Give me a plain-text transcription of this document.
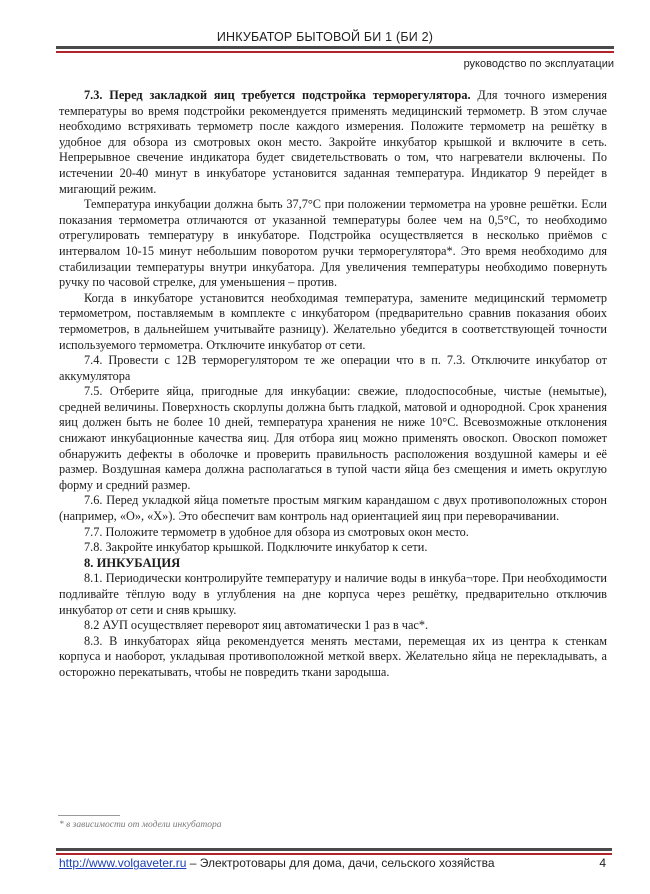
ИНКУБАТОР БЫТОВОЙ БИ 1 (БИ 2)
руководство по эксплуатации

7.3. Перед закладкой яиц требуется подстройка терморегулятора. Для точного измерения температуры во время подстройки рекомендуется применять медицинский термометр. В этом случае необходимо встряхивать термометр после каждого измерения. Положите термометр на решётку в удобное для обзора из смотровых окон место. Закройте инкубатор крышкой и включите в сеть. Непрерывное свечение индикатора будет свидетельствовать о том, что нагреватели включены. По истечении 20-40 минут в инкубаторе установится заданная температура. Индикатор 9 перейдет в мигающий режим.

Температура инкубации должна быть 37,7°С при положении термометра на уровне решётки. Если показания термометра отличаются от указанной температуры более чем на 0,5°С, то необходимо отрегулировать температуру в инкубаторе. Подстройка осуществляется в несколько приёмов с интервалом 10-15 минут небольшим поворотом ручки терморегулятора*. Это время необходимо для стабилизации температуры внутри инкубатора. Для увеличения температуры необходимо повернуть ручку по часовой стрелке, для уменьшения – против.

Когда в инкубаторе установится необходимая температура, замените медицинский термометр термометром, поставляемым в комплекте с инкубатором (предварительно сравнив показания обоих термометров, в дальнейшем учитывайте разницу). Желательно убедится в соответствующей точности используемого термометра. Отключите инкубатор от сети.

7.4. Провести с 12В терморегулятором те же операции что в п. 7.3. Отключите инкубатор от аккумулятора

7.5. Отберите яйца, пригодные для инкубации: свежие, плодоспособные, чистые (немытые), средней величины. Поверхность скорлупы должна быть гладкой, матовой и однородной. Срок хранения яиц должен быть не более 10 дней, температура хранения не ниже 10°С. Всевозможные отклонения снижают инкубационные качества яиц. Для отбора яиц можно применять овоскоп. Овоскоп поможет обнаружить дефекты в оболочке и проверить правильность расположения воздушной камеры и её размер. Воздушная камера должна располагаться в тупой части яйца без смещения и иметь округлую форму и средний размер.

7.6. Перед укладкой яйца пометьте простым мягким карандашом с двух противоположных сторон (например, «О», «Х»). Это обеспечит вам контроль над ориентацией яиц при переворачивании.

7.7. Положите термометр в удобное для обзора из смотровых окон место.

7.8. Закройте инкубатор крышкой. Подключите инкубатор к сети.

8. ИНКУБАЦИЯ

8.1. Периодически контролируйте температуру и наличие воды в инкуба¬торе. При необходимости подливайте тёплую воду в углубления на дне корпуса через решётку, предварительно отключив инкубатор от сети и сняв крышку.

8.2 АУП осуществляет переворот яиц автоматически 1 раз в час*.

8.3. В инкубаторах яйца рекомендуется менять местами, перемещая их из центра к стенкам корпуса и наоборот, укладывая противоположной меткой вверх. Желательно яйца не перекладывать, а осторожно перекатывать, чтобы не повредить ткани зародыша.

* в зависимости от модели инкубатора
http://www.volgaveter.ru – Электротовары для дома, дачи, сельского хозяйства	4
